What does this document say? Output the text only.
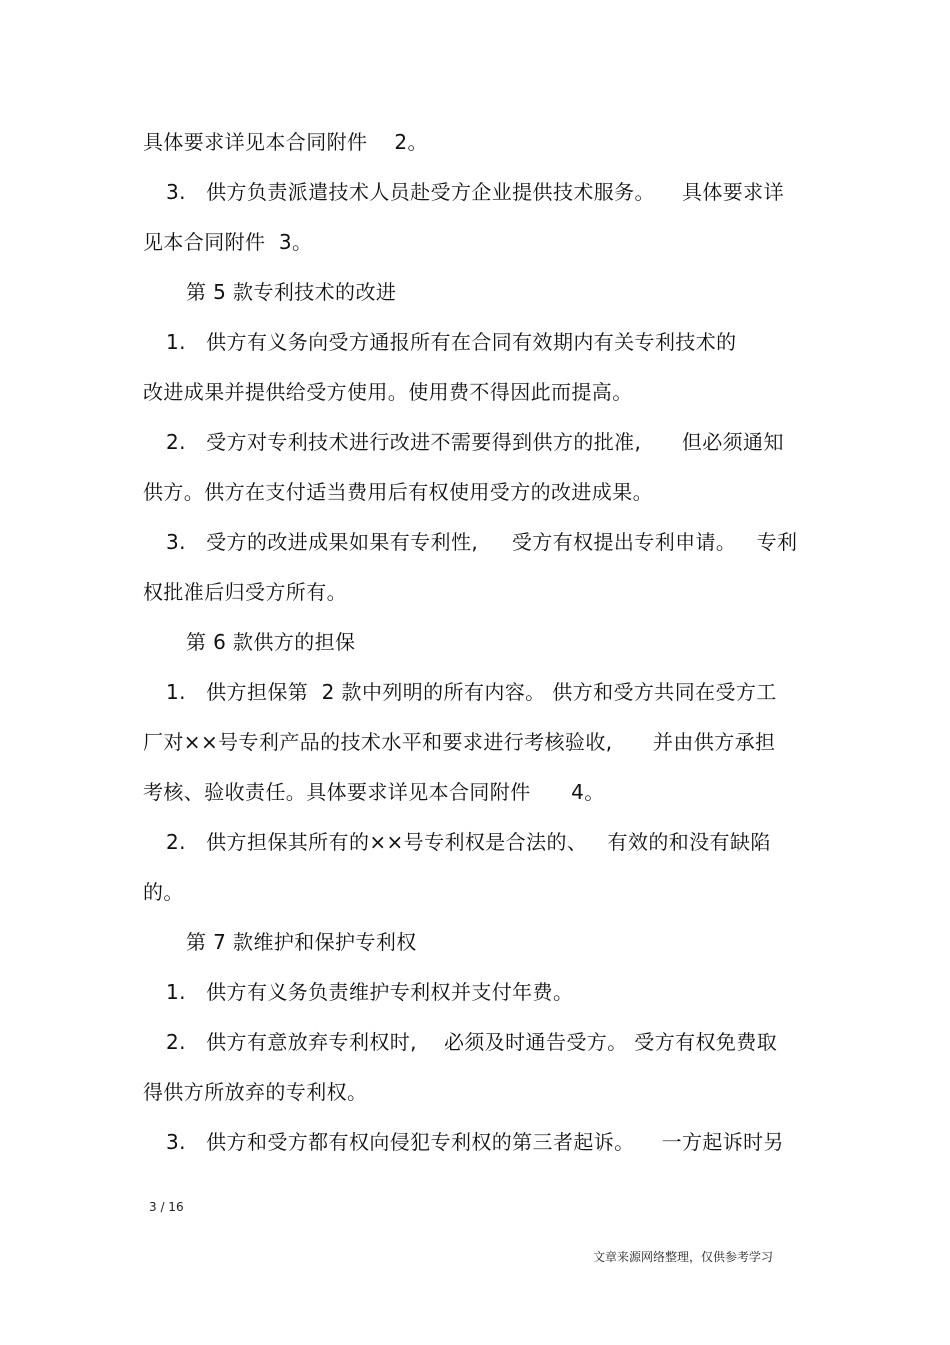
具体要求详见本合同附件    2。
3.   供方负责派遣技术人员赴受方企业提供技术服务。    具体要求详
见本合同附件  3。
第 5 款专利技术的改进
1.   供方有义务向受方通报所有在合同有效期内有关专利技术的
改进成果并提供给受方使用。使用费不得因此而提高。
2.   受方对专利技术进行改进不需要得到供方的批准,      但必须通知
供方。供方在支付适当费用后有权使用受方的改进成果。
3.   受方的改进成果如果有专利性,     受方有权提出专利申请。   专利
权批准后归受方所有。
第 6 款供方的担保
1.   供方担保第  2 款中列明的所有内容。 供方和受方共同在受方工
厂对××号专利产品的技术水平和要求进行考核验收,      并由供方承担
考核、验收责任。具体要求详见本合同附件      4。
2.   供方担保其所有的××号专利权是合法的、   有效的和没有缺陷
的。
第 7 款维护和保护专利权
1.   供方有义务负责维护专利权并支付年费。
2.   供方有意放弃专利权时,    必须及时通告受方。 受方有权免费取
得供方所放弃的专利权。
3.   供方和受方都有权向侵犯专利权的第三者起诉。    一方起诉时另
3 / 16
文章来源网络整理，仅供参考学习
